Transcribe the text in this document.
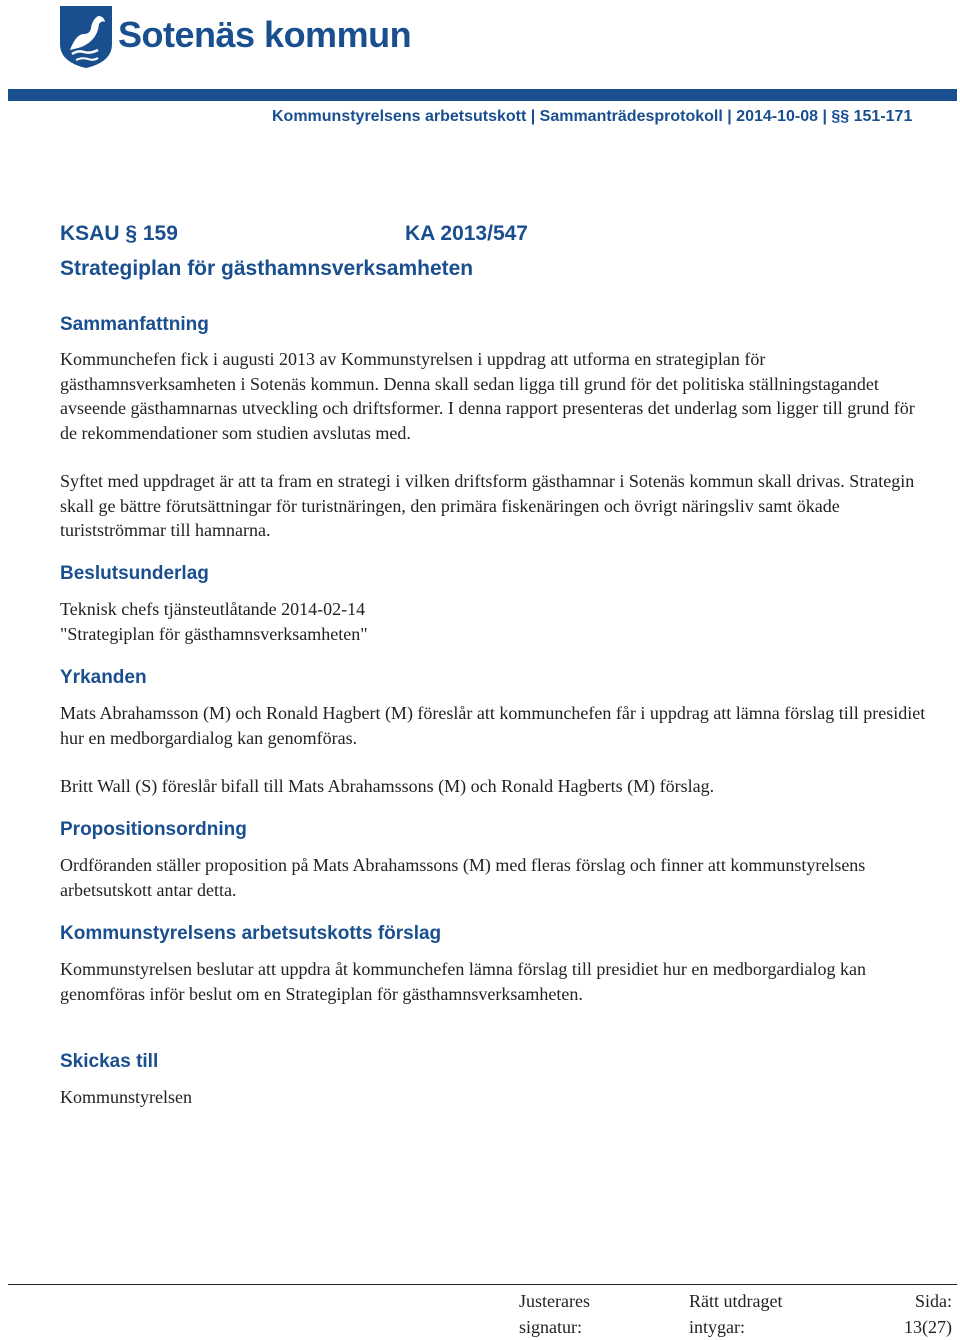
Sotenäs kommun
Kommunstyrelsens arbetsutskott | Sammanträdesprotokoll | 2014-10-08 | §§ 151-171
KSAU § 159	KA 2013/547
Strategiplan för gästhamnsverksamheten
Sammanfattning
Kommunchefen fick i augusti 2013 av Kommunstyrelsen i uppdrag att utforma en strategiplan för gästhamnsverksamheten i Sotenäs kommun. Denna skall sedan ligga till grund för det politiska ställningstagandet avseende gästhamnarnas utveckling och driftsformer. I denna rapport presenteras det underlag som ligger till grund för de rekommendationer som studien avslutas med.
Syftet med uppdraget är att ta fram en strategi i vilken driftsform gästhamnar i Sotenäs kommun skall drivas. Strategin skall ge bättre förutsättningar för turistnäringen, den primära fiskenäringen och övrigt näringsliv samt ökade turistströmmar till hamnarna.
Beslutsunderlag
Teknisk chefs tjänsteutlåtande 2014-02-14
"Strategiplan för gästhamnsverksamheten"
Yrkanden
Mats Abrahamsson (M) och Ronald Hagbert (M) föreslår att kommunchefen får i uppdrag att lämna förslag till presidiet hur en medborgardialog kan genomföras.
Britt Wall (S) föreslår bifall till Mats Abrahamssons (M) och Ronald Hagberts (M) förslag.
Propositionsordning
Ordföranden ställer proposition på Mats Abrahamssons (M) med fleras förslag och finner att kommunstyrelsens arbetsutskott antar detta.
Kommunstyrelsens arbetsutskotts förslag
Kommunstyrelsen beslutar att uppdra åt kommunchefen lämna förslag till presidiet hur en medborgardialog kan genomföras inför beslut om en Strategiplan för gästhamnsverksamheten.
Skickas till
Kommunstyrelsen
Justerares
signatur:
Rätt utdraget
intygar:
Sida:
13(27)
